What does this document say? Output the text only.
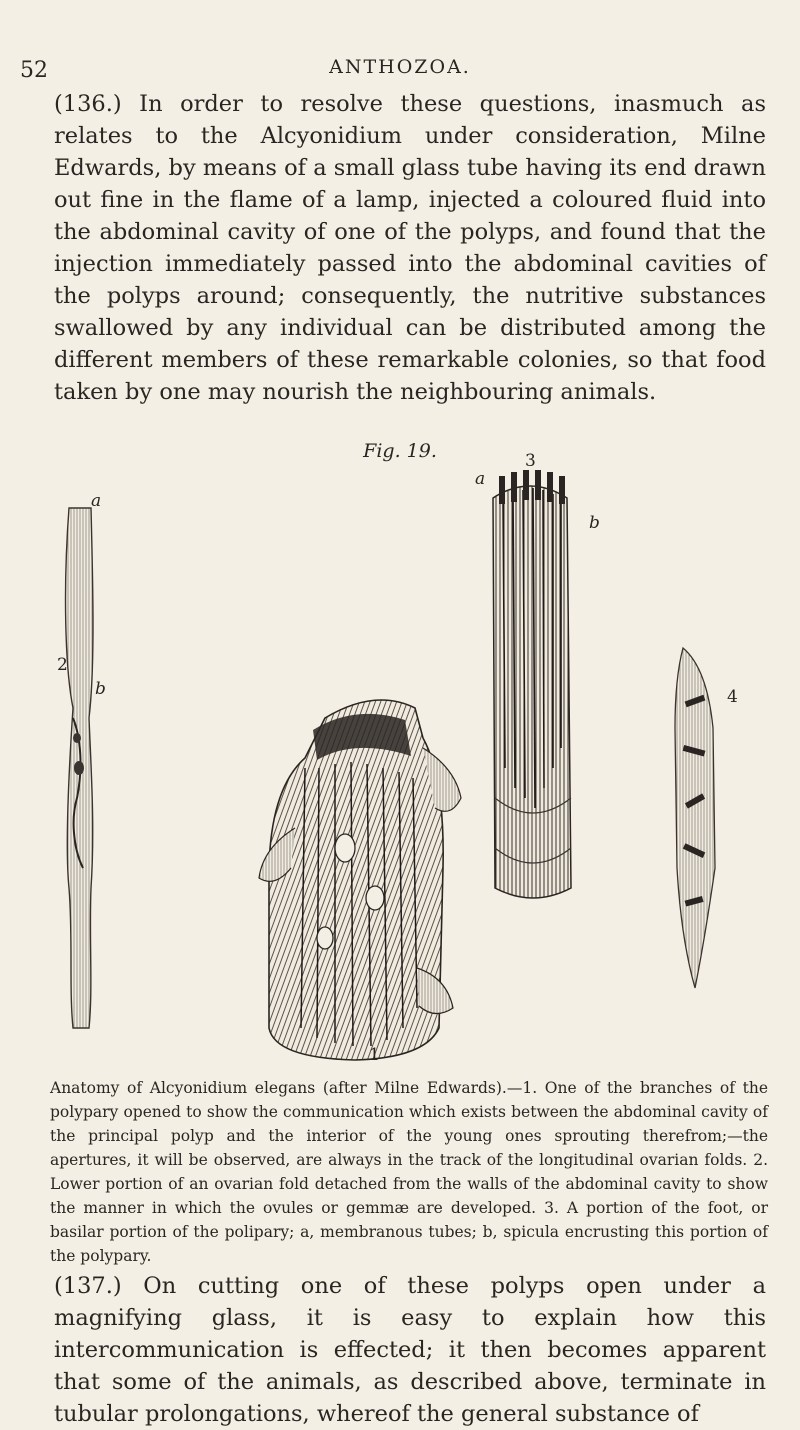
52	ANTHOZOA.

(136.) In order to resolve these questions, inasmuch as relates to the Alcyonidium under consideration, Milne Edwards, by means of a small glass tube having its end drawn out fine in the flame of a lamp, injected a coloured fluid into the abdominal cavity of one of the polyps, and found that the injection immediately passed into the abdominal cavities of the polyps around; consequently, the nutritive substances swallowed by any individual can be distributed among the different members of these remarkable colonies, so that food taken by one may nourish the neighbouring animals.

Fig. 19.
a
2
b
3
a
b
4
1

Anatomy of Alcyonidium elegans (after Milne Edwards).—1. One of the branches of the polypary opened to show the communication which exists between the abdominal cavity of the principal polyp and the interior of the young ones sprouting therefrom;—the apertures, it will be observed, are always in the track of the longitudinal ovarian folds. 2. Lower portion of an ovarian fold detached from the walls of the abdominal cavity to show the manner in which the ovules or gemmæ are developed. 3. A portion of the foot, or basilar portion of the polipary; a, membranous tubes; b, spicula encrusting this portion of the polypary.

(137.) On cutting one of these polyps open under a magnifying glass, it is easy to explain how this intercommunication is effected; it then becomes apparent that some of the animals, as described above, terminate in tubular prolongations, whereof the general substance of
